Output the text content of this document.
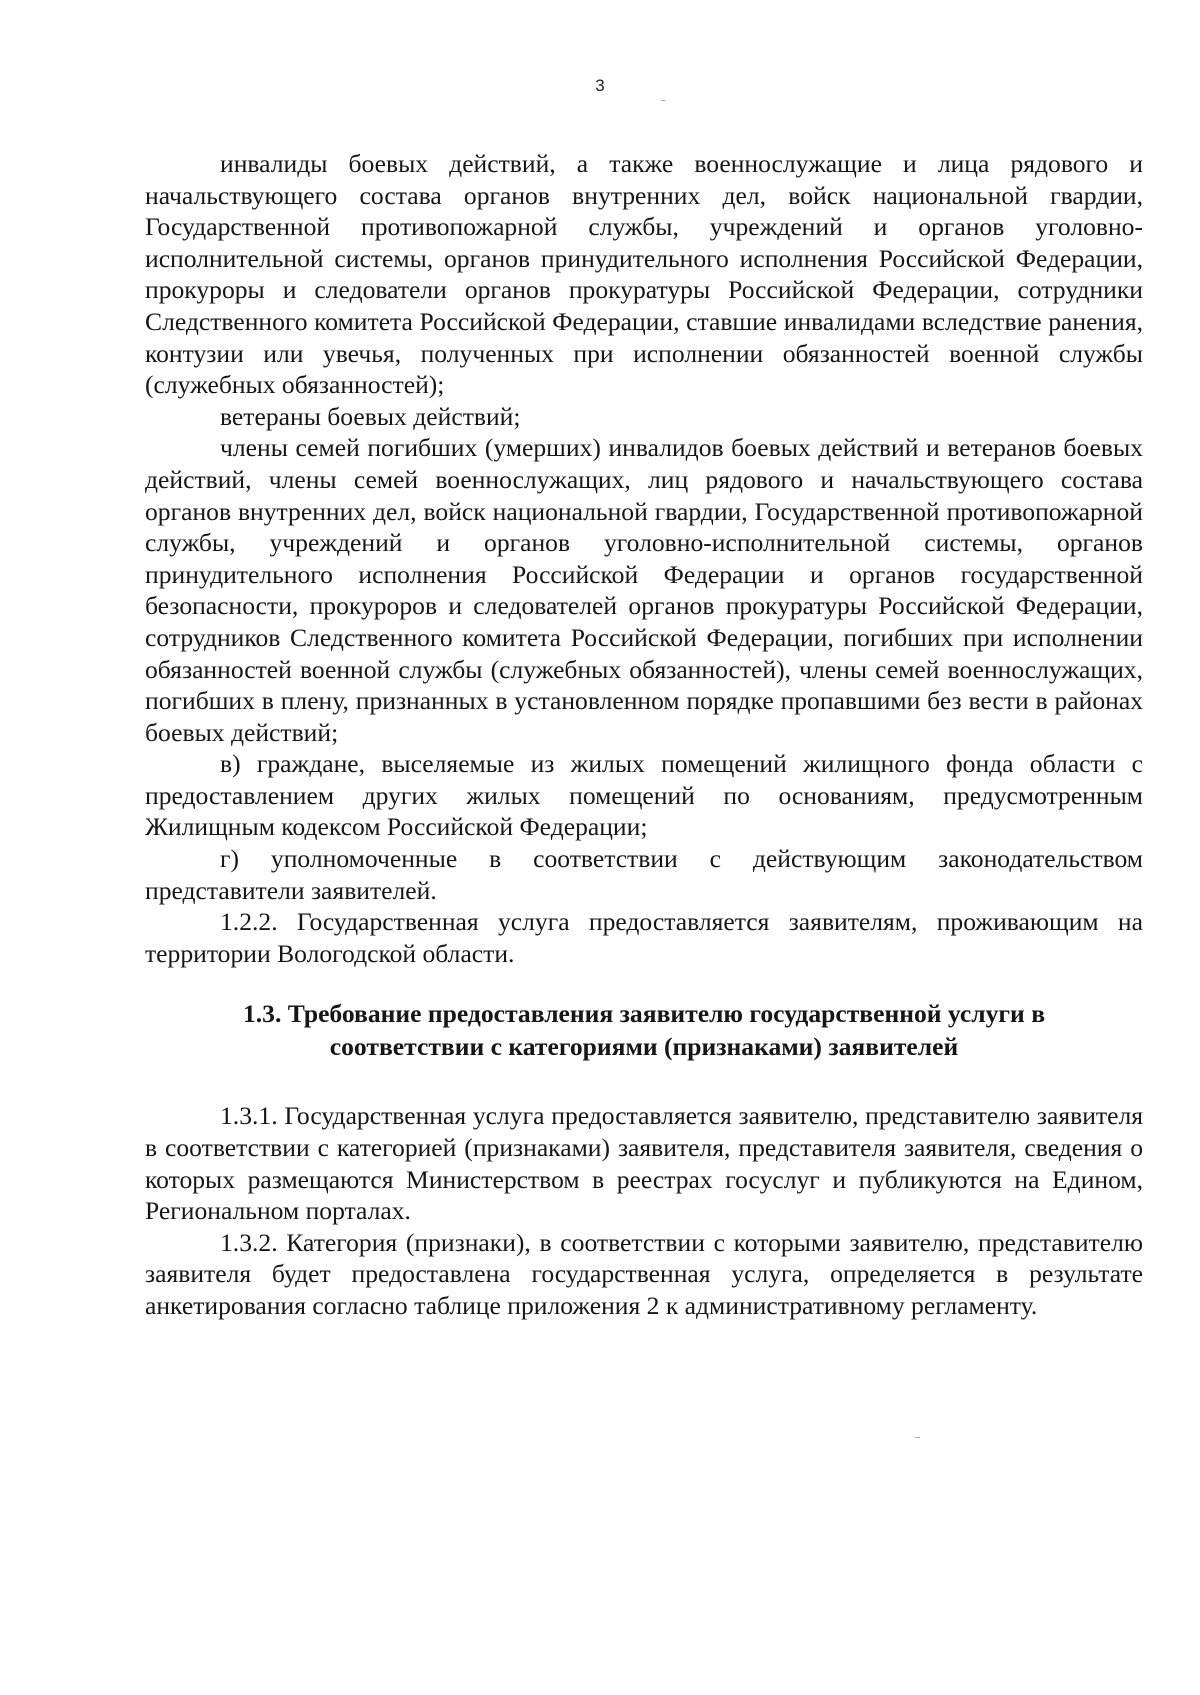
3

инвалиды боевых действий, а также военнослужащие и лица рядового и начальствующего состава органов внутренних дел, войск национальной гвардии, Государственной противопожарной службы, учреждений и органов уголовно-исполнительной системы, органов принудительного исполнения Российской Федерации, прокуроры и следователи органов прокуратуры Российской Федерации, сотрудники Следственного комитета Российской Федерации, ставшие инвалидами вследствие ранения, контузии или увечья, полученных при исполнении обязанностей военной службы (служебных обязанностей);

ветераны боевых действий;

члены семей погибших (умерших) инвалидов боевых действий и ветеранов боевых действий, члены семей военнослужащих, лиц рядового и начальствующего состава органов внутренних дел, войск национальной гвардии, Государственной противопожарной службы, учреждений и органов уголовно-исполнительной системы, органов принудительного исполнения Российской Федерации и органов государственной безопасности, прокуроров и следователей органов прокуратуры Российской Федерации, сотрудников Следственного комитета Российской Федерации, погибших при исполнении обязанностей военной службы (служебных обязанностей), члены семей военнослужащих, погибших в плену, признанных в установленном порядке пропавшими без вести в районах боевых действий;

в) граждане, выселяемые из жилых помещений жилищного фонда области с предоставлением других жилых помещений по основаниям, предусмотренным Жилищным кодексом Российской Федерации;

г) уполномоченные в соответствии с действующим законодательством представители заявителей.

1.2.2. Государственная услуга предоставляется заявителям, проживающим на территории Вологодской области.

1.3. Требование предоставления заявителю государственной услуги в
соответствии с категориями (признаками) заявителей

1.3.1. Государственная услуга предоставляется заявителю, представителю заявителя в соответствии с категорией (признаками) заявителя, представителя заявителя, сведения о которых размещаются Министерством в реестрах госуслуг и публикуются на Едином, Региональном порталах.

1.3.2. Категория (признаки), в соответствии с которыми заявителю, представителю заявителя будет предоставлена государственная услуга, определяется в результате анкетирования согласно таблице приложения 2 к административному регламенту.
